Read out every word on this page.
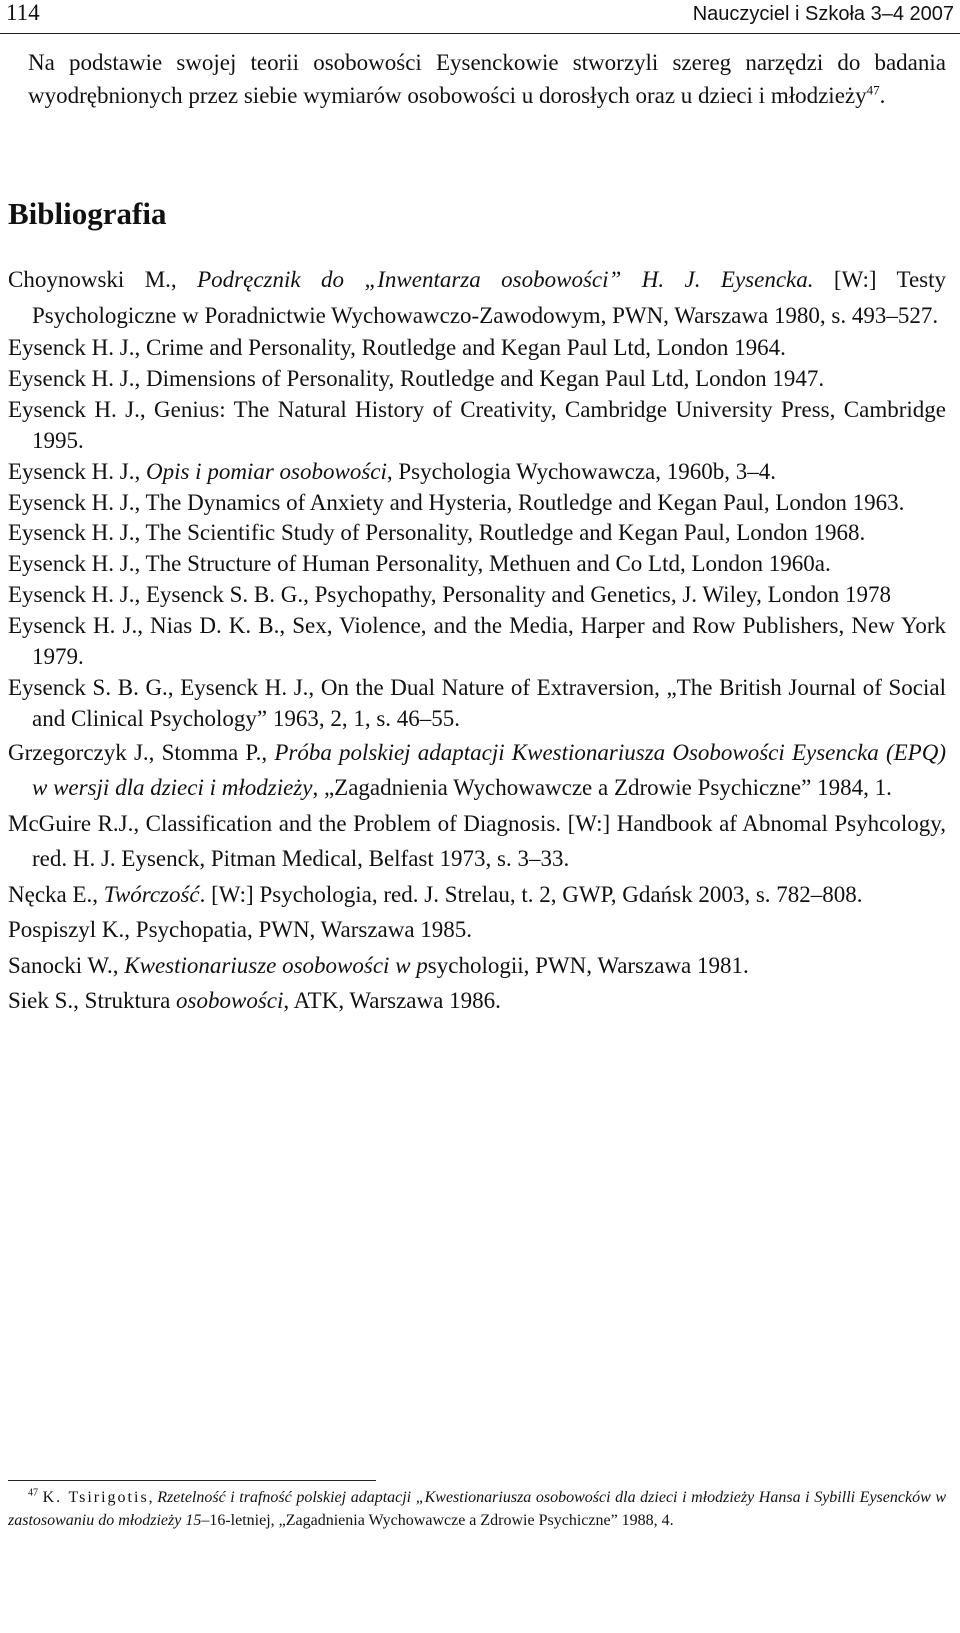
114	Nauczyciel i Szkoła 3–4 2007

Na podstawie swojej teorii osobowości Eysenckowie stworzyli szereg narzędzi do badania wyodrębnionych przez siebie wymiarów osobowości u dorosłych oraz u dzieci i młodzieży$^{47}$.

Bibliografia
Choynowski M., Podręcznik do „Inwentarza osobowości” H. J. Eysencka. [W:] Testy Psychologiczne w Poradnictwie Wychowawczo-Zawodowym, PWN, Warszawa 1980, s. 493–527.
Eysenck H. J., Crime and Personality, Routledge and Kegan Paul Ltd, London 1964.
Eysenck H. J., Dimensions of Personality, Routledge and Kegan Paul Ltd, London 1947.
Eysenck H. J., Genius: The Natural History of Creativity, Cambridge University Press, Cambridge 1995.
Eysenck H. J., Opis i pomiar osobowości, Psychologia Wychowawcza, 1960b, 3–4.
Eysenck H. J., The Dynamics of Anxiety and Hysteria, Routledge and Kegan Paul, London 1963.
Eysenck H. J., The Scientific Study of Personality, Routledge and Kegan Paul, London 1968.
Eysenck H. J., The Structure of Human Personality, Methuen and Co Ltd, London 1960a.
Eysenck H. J., Eysenck S. B. G., Psychopathy, Personality and Genetics, J. Wiley, London 1978
Eysenck H. J., Nias D. K. B., Sex, Violence, and the Media, Harper and Row Publishers, New York 1979.
Eysenck S. B. G., Eysenck H. J., On the Dual Nature of Extraversion, „The British Journal of Social and Clinical Psychology” 1963, 2, 1, s. 46–55.
Grzegorczyk J., Stomma P., Próba polskiej adaptacji Kwestionariusza Osobowości Eysencka (EPQ) w wersji dla dzieci i młodzieży, „Zagadnienia Wychowawcze a Zdrowie Psychiczne” 1984, 1.
McGuire R.J., Classification and the Problem of Diagnosis. [W:] Handbook af Abnomal Psyhcology, red. H. J. Eysenck, Pitman Medical, Belfast 1973, s. 3–33.
Nęcka E., Twórczość. [W:] Psychologia, red. J. Strelau, t. 2, GWP, Gdańsk 2003, s. 782–808.
Pospiszyl K., Psychopatia, PWN, Warszawa 1985.
Sanocki W., Kwestionariusze osobowości w psychologii, PWN, Warszawa 1981.
Siek S., Struktura osobowości, ATK, Warszawa 1986.

$^{47}$ K. Tsirigotis, Rzetelność i trafność polskiej adaptacji „Kwestionariusza osobowości dla dzieci i młodzieży Hansa i Sybilli Eysencków w zastosowaniu do młodzieży 15–16-letniej, „Zagadnienia Wychowawcze a Zdrowie Psychiczne” 1988, 4.
